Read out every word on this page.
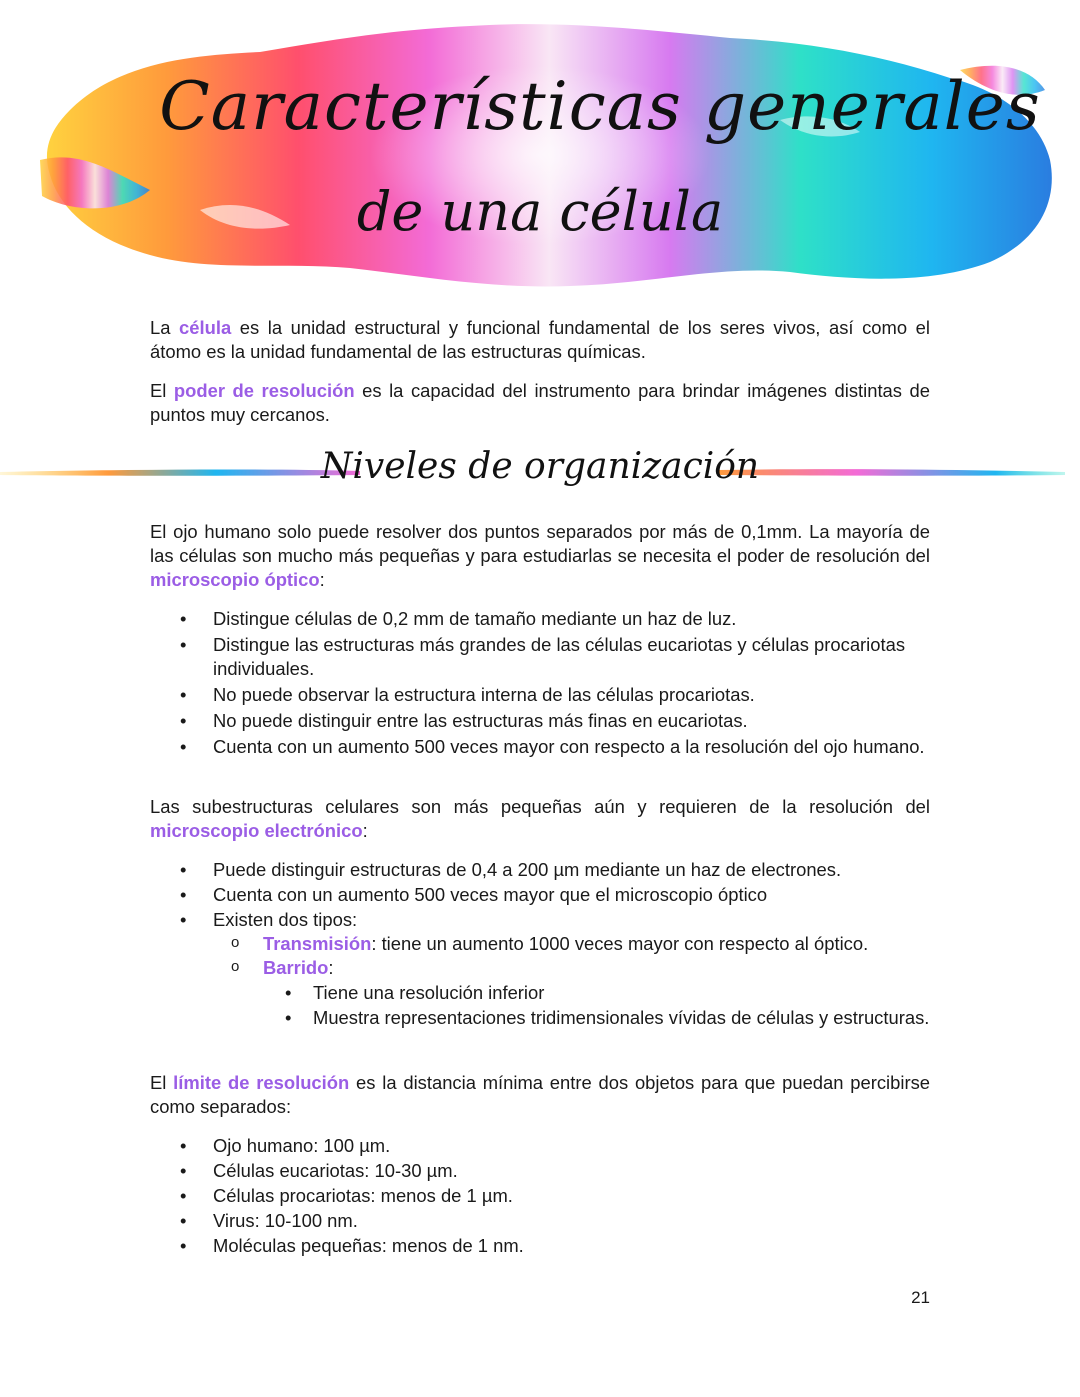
Características generales
de una célula

La célula es la unidad estructural y funcional fundamental de los seres vivos, así como el átomo es la unidad fundamental de las estructuras químicas.

El poder de resolución es la capacidad del instrumento para brindar imágenes distintas de puntos muy cercanos.

Niveles de organización

El ojo humano solo puede resolver dos puntos separados por más de 0,1mm. La mayoría de las células son mucho más pequeñas y para estudiarlas se necesita el poder de resolución del microscopio óptico:

• Distingue células de 0,2 mm de tamaño mediante un haz de luz.
• Distingue las estructuras más grandes de las células eucariotas y células procariotas individuales.
• No puede observar la estructura interna de las células procariotas.
• No puede distinguir entre las estructuras más finas en eucariotas.
• Cuenta con un aumento 500 veces mayor con respecto a la resolución del ojo humano.

Las subestructuras celulares son más pequeñas aún y requieren de la resolución del microscopio electrónico:

• Puede distinguir estructuras de 0,4 a 200 µm mediante un haz de electrones.
• Cuenta con un aumento 500 veces mayor que el microscopio óptico
• Existen dos tipos:
o Transmisión: tiene un aumento 1000 veces mayor con respecto al óptico.
o Barrido:
• Tiene una resolución inferior
• Muestra representaciones tridimensionales vívidas de células y estructuras.

El límite de resolución es la distancia mínima entre dos objetos para que puedan percibirse como separados:

• Ojo humano: 100 µm.
• Células eucariotas: 10-30 µm.
• Células procariotas: menos de 1 µm.
• Virus: 10-100 nm.
• Moléculas pequeñas: menos de 1 nm.
21
